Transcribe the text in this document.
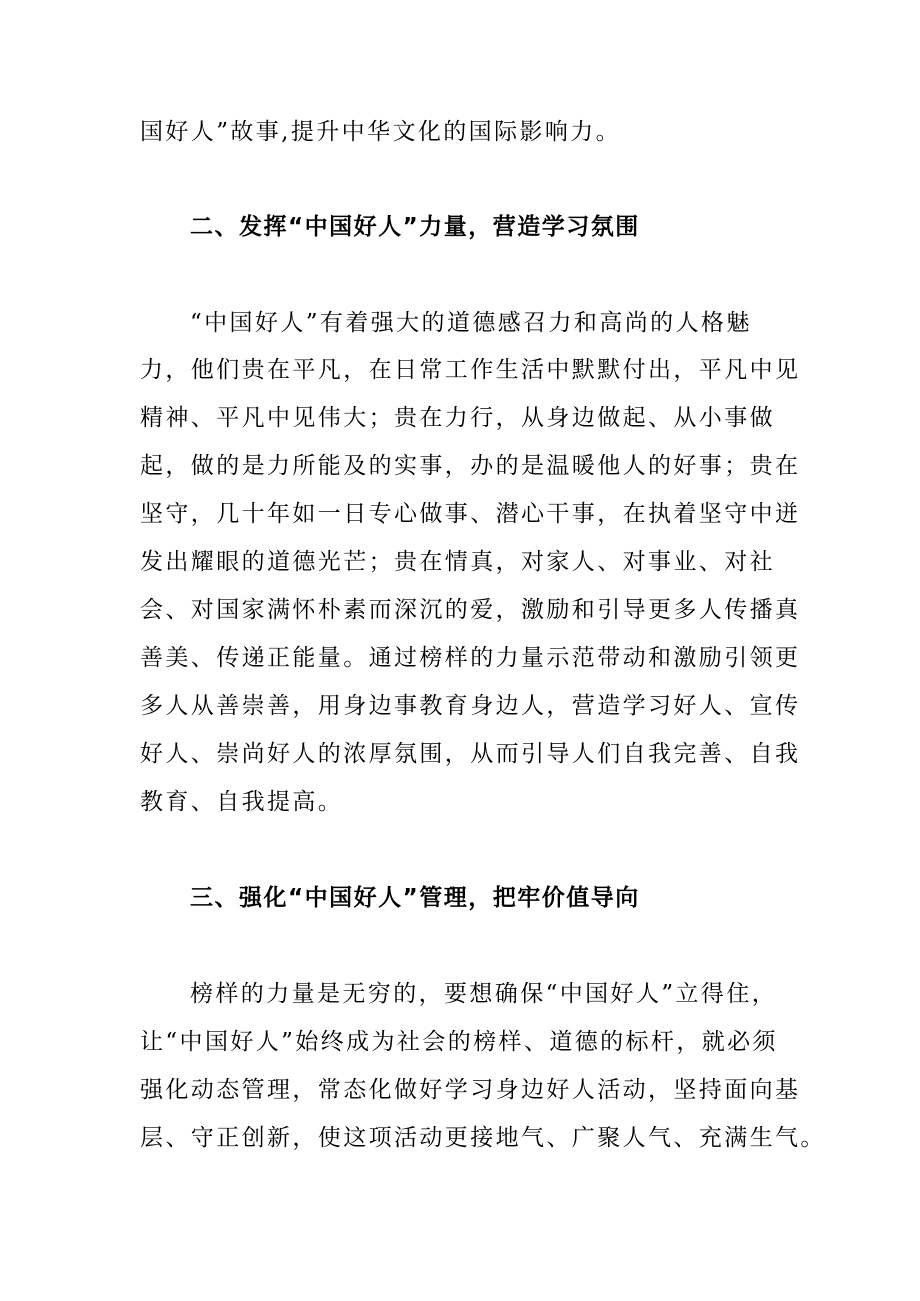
国好人”故事,提升中华文化的国际影响力。
二、发挥“中国好人”力量，营造学习氛围
“中国好人”有着强大的道德感召力和高尚的人格魅
力，他们贵在平凡，在日常工作生活中默默付出，平凡中见
精神、平凡中见伟大；贵在力行，从身边做起、从小事做
起，做的是力所能及的实事，办的是温暖他人的好事；贵在
坚守，几十年如一日专心做事、潜心干事，在执着坚守中迸
发出耀眼的道德光芒；贵在情真，对家人、对事业、对社
会、对国家满怀朴素而深沉的爱，激励和引导更多人传播真
善美、传递正能量。通过榜样的力量示范带动和激励引领更
多人从善崇善，用身边事教育身边人，营造学习好人、宣传
好人、崇尚好人的浓厚氛围，从而引导人们自我完善、自我
教育、自我提高。
三、强化“中国好人”管理，把牢价值导向
榜样的力量是无穷的，要想确保“中国好人”立得住，
让“中国好人”始终成为社会的榜样、道德的标杆，就必须
强化动态管理，常态化做好学习身边好人活动，坚持面向基
层、守正创新，使这项活动更接地气、广聚人气、充满生气。
